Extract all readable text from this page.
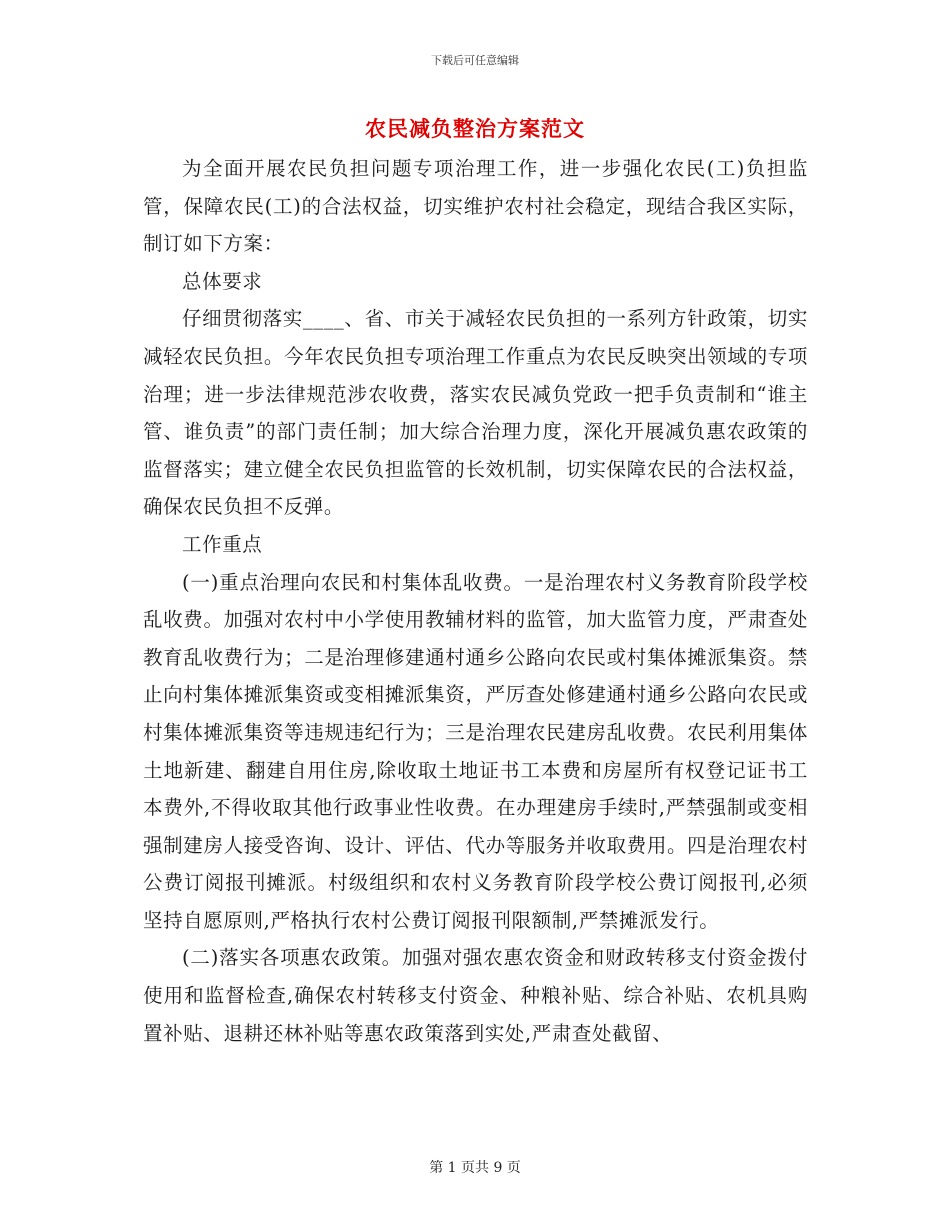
下载后可任意编辑
农民减负整治方案范文

为全面开展农民负担问题专项治理工作，进一步强化农民(工)负担监管，保障农民(工)的合法权益，切实维护农村社会稳定，现结合我区实际，制订如下方案：

总体要求

仔细贯彻落实____、省、市关于减轻农民负担的一系列方针政策，切实减轻农民负担。今年农民负担专项治理工作重点为农民反映突出领域的专项治理；进一步法律规范涉农收费，落实农民减负党政一把手负责制和“谁主管、谁负责”的部门责任制；加大综合治理力度，深化开展减负惠农政策的监督落实；建立健全农民负担监管的长效机制，切实保障农民的合法权益，确保农民负担不反弹。

工作重点

(一)重点治理向农民和村集体乱收费。一是治理农村义务教育阶段学校乱收费。加强对农村中小学使用教辅材料的监管，加大监管力度，严肃查处教育乱收费行为；二是治理修建通村通乡公路向农民或村集体摊派集资。禁止向村集体摊派集资或变相摊派集资，严厉查处修建通村通乡公路向农民或村集体摊派集资等违规违纪行为；三是治理农民建房乱收费。农民利用集体土地新建、翻建自用住房,除收取土地证书工本费和房屋所有权登记证书工本费外,不得收取其他行政事业性收费。在办理建房手续时,严禁强制或变相强制建房人接受咨询、设计、评估、代办等服务并收取费用。四是治理农村公费订阅报刊摊派。村级组织和农村义务教育阶段学校公费订阅报刊,必须坚持自愿原则,严格执行农村公费订阅报刊限额制,严禁摊派发行。

(二)落实各项惠农政策。加强对强农惠农资金和财政转移支付资金拨付使用和监督检查,确保农村转移支付资金、种粮补贴、综合补贴、农机具购置补贴、退耕还林补贴等惠农政策落到实处,严肃查处截留、

第 1 页共 9 页
